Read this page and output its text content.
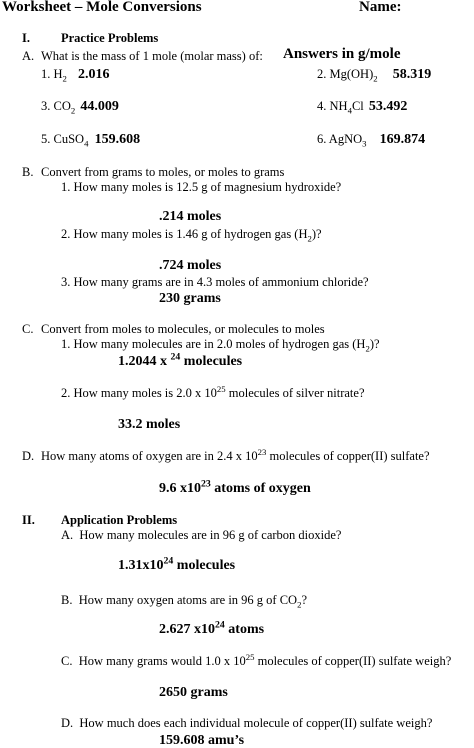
Worksheet – Mole Conversions	Name:
I. Practice Problems
A. What is the mass of 1 mole (molar mass) of: Answers in g/mole
1. $H_2$ 2.016	2. $Mg(OH)_2$ 58.319
3. $CO_2$ 44.009	4. $NH_4Cl$ 53.492
5. CuSO$_4$ 159.608	6. AgNO$_3$ 169.874
B. Convert from grams to moles, or moles to grams
1. How many moles is 12.5 g of magnesium hydroxide?
.214 moles
2. How many moles is 1.46 g of hydrogen gas $(H_2)$?
.724 moles
3. How many grams are in 4.3 moles of ammonium chloride?
230 grams
C. Convert from moles to molecules, or molecules to moles
1. How many molecules are in 2.0 moles of hydrogen gas $(H_2)$?
1.2044 x $^{24}$ molecules
2. How many moles is 2.0 x $10^{25}$ molecules of silver nitrate?
33.2 moles
D. How many atoms of oxygen are in 2.4 x $10^{23}$ molecules of copper(II) sulfate?
9.6 $x10^{23}$ atoms of oxygen
II. Application Problems
A. How many molecules are in 96 g of carbon dioxide?
$1.31x10^{24}$ molecules
B. How many oxygen atoms are in 96 g of $CO_2$?
2.627 $x10^{24}$ atoms
C. How many grams would 1.0 x $10^{25}$ molecules of copper(II) sulfate weigh?
2650 grams
D. How much does each individual molecule of copper(II) sulfate weigh?
159.608 amu’s
